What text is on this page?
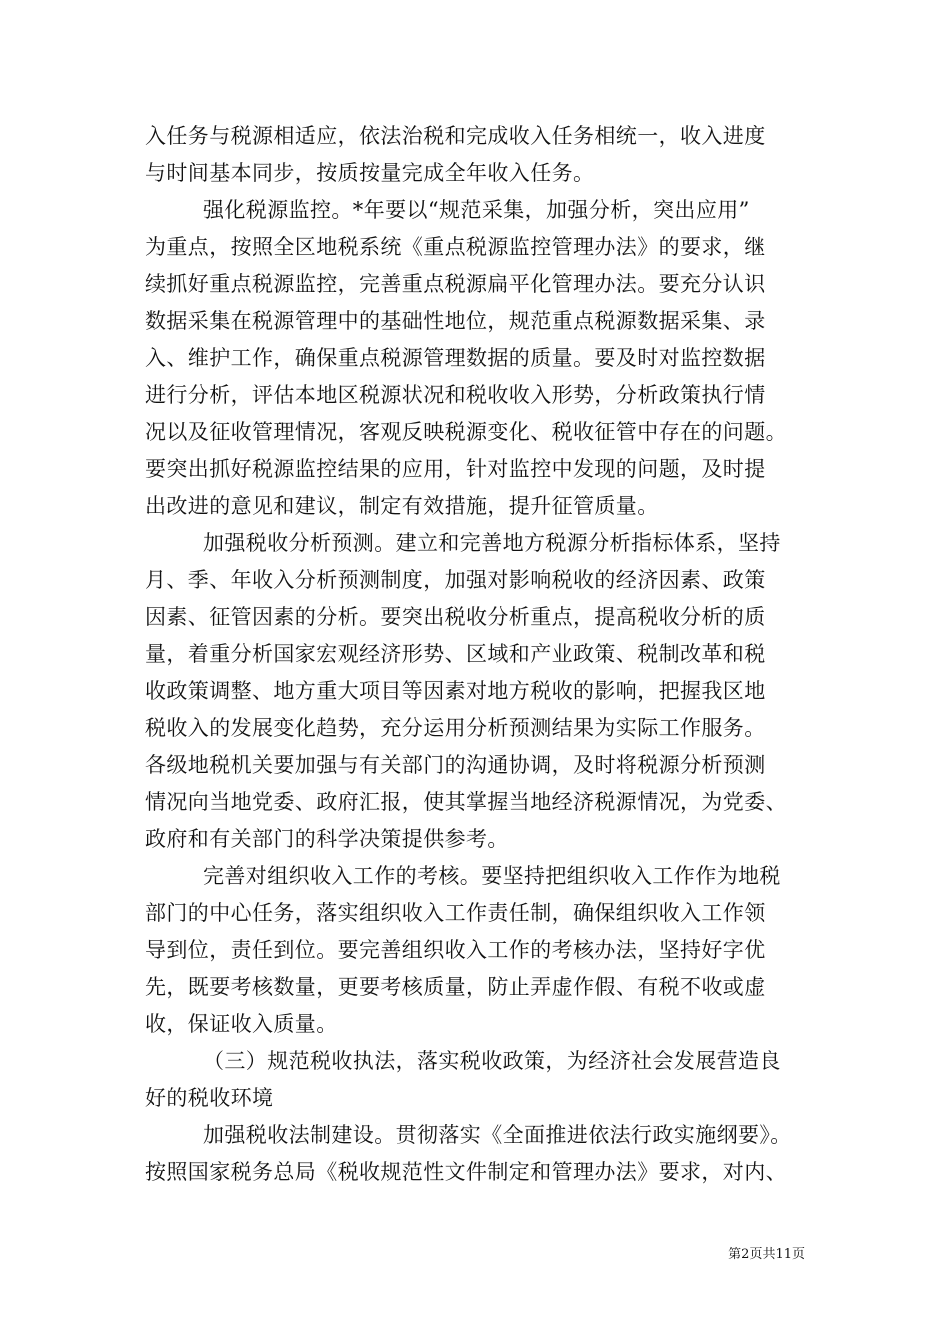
入任务与税源相适应，依法治税和完成收入任务相统一，收入进度
与时间基本同步，按质按量完成全年收入任务。
强化税源监控。*年要以“规范采集，加强分析，突出应用”
为重点，按照全区地税系统《重点税源监控管理办法》的要求，继
续抓好重点税源监控，完善重点税源扁平化管理办法。要充分认识
数据采集在税源管理中的基础性地位，规范重点税源数据采集、录
入、维护工作，确保重点税源管理数据的质量。要及时对监控数据
进行分析，评估本地区税源状况和税收收入形势，分析政策执行情
况以及征收管理情况，客观反映税源变化、税收征管中存在的问题。
要突出抓好税源监控结果的应用，针对监控中发现的问题，及时提
出改进的意见和建议，制定有效措施，提升征管质量。
加强税收分析预测。建立和完善地方税源分析指标体系，坚持
月、季、年收入分析预测制度，加强对影响税收的经济因素、政策
因素、征管因素的分析。要突出税收分析重点，提高税收分析的质
量，着重分析国家宏观经济形势、区域和产业政策、税制改革和税
收政策调整、地方重大项目等因素对地方税收的影响，把握我区地
税收入的发展变化趋势，充分运用分析预测结果为实际工作服务。
各级地税机关要加强与有关部门的沟通协调，及时将税源分析预测
情况向当地党委、政府汇报，使其掌握当地经济税源情况，为党委、
政府和有关部门的科学决策提供参考。
完善对组织收入工作的考核。要坚持把组织收入工作作为地税
部门的中心任务，落实组织收入工作责任制，确保组织收入工作领
导到位，责任到位。要完善组织收入工作的考核办法，坚持好字优
先，既要考核数量，更要考核质量，防止弄虚作假、有税不收或虚
收，保证收入质量。
（三）规范税收执法，落实税收政策，为经济社会发展营造良
好的税收环境
加强税收法制建设。贯彻落实《全面推进依法行政实施纲要》。
按照国家税务总局《税收规范性文件制定和管理办法》要求，对内、
第2页共11页
